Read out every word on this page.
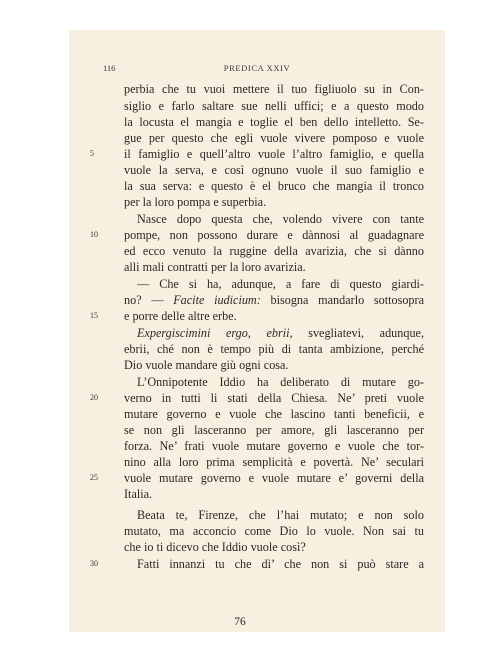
116	PREDICA XXIV
perbia che tu vuoi mettere il tuo figliuolo su in Con-
siglio e farlo saltare sue nelli uffici; e a questo modo
la locusta el mangia e toglie el ben dello intelletto. Se-
gue per questo che egli vuole vivere pomposo e vuole
il famiglio e quell’altro vuole l’altro famiglio, e quella
vuole la serva, e così ognuno vuole il suo famiglio e
la sua serva: e questo è el bruco che mangia il tronco
per la loro pompa e superbia.
Nasce dopo questa che, volendo vivere con tante
pompe, non possono durare e dànnosi al guadagnare
ed ecco venuto la ruggine della avarizia, che si dànno
alli mali contratti per la loro avarizia.
— Che si ha, adunque, a fare di questo giardi-
no? — Facite iudicium: bisogna mandarlo sottosopra
e porre delle altre erbe.
Expergiscimini ergo, ebrii, svegliatevi, adunque,
ebrii, ché non è tempo più di tanta ambizione, perché
Dio vuole mandare giù ogni cosa.
L’Onnipotente Iddio ha deliberato di mutare go-
verno in tutti li stati della Chiesa. Ne’ preti vuole
mutare governo e vuole che lascino tanti beneficii, e
se non gli lasceranno per amore, gli lasceranno per
forza. Ne’ frati vuole mutare governo e vuole che tor-
nino alla loro prima semplicità e povertà. Ne’ seculari
vuole mutare governo e vuole mutare e’ governi della
Italia.
Beata te, Firenze, che l’hai mutato; e non solo
mutato, ma acconcio come Dio lo vuole. Non sai tu
che io ti dicevo che Iddio vuole così?
Fatti innanzi tu che dì’ che non si può stare a
5
10
15
20
25
30
76
